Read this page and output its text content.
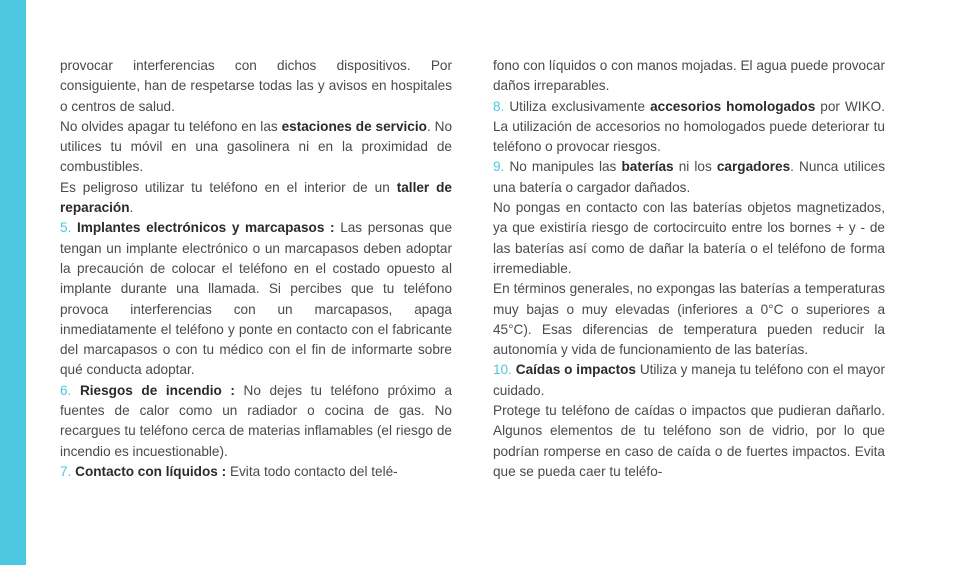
provocar interferencias con dichos dispositivos. Por consiguiente, han de respetarse todas las y avisos en hospitales o centros de salud.

No olvides apagar tu teléfono en las estaciones de servicio. No utilices tu móvil en una gasolinera ni en la proximidad de combustibles.

Es peligroso utilizar tu teléfono en el interior de un taller de reparación.

5. Implantes electrónicos y marcapasos : Las personas que tengan un implante electrónico o un marcapasos deben adoptar la precaución de colocar el teléfono en el costado opuesto al implante durante una llamada. Si percibes que tu teléfono provoca interferencias con un marcapasos, apaga inmediatamente el teléfono y ponte en contacto con el fabricante del marcapasos o con tu médico con el fin de informarte sobre qué conducta adoptar.

6. Riesgos de incendio : No dejes tu teléfono próximo a fuentes de calor como un radiador o cocina de gas. No recargues tu teléfono cerca de materias inflamables (el riesgo de incendio es incuestionable).

7. Contacto con líquidos : Evita todo contacto del telé-

fono con líquidos o con manos mojadas. El agua puede provocar daños irreparables.

8. Utiliza exclusivamente accesorios homologados por WIKO. La utilización de accesorios no homologados puede deteriorar tu teléfono o provocar riesgos.

9. No manipules las baterías ni los cargadores. Nunca utilices una batería o cargador dañados.

No pongas en contacto con las baterías objetos magnetizados, ya que existiría riesgo de cortocircuito entre los bornes + y - de las baterías así como de dañar la batería o el teléfono de forma irremediable.

En términos generales, no expongas las baterías a temperaturas muy bajas o muy elevadas (inferiores a 0°C o superiores a 45°C). Esas diferencias de temperatura pueden reducir la autonomía y vida de funcionamiento de las baterías.

10. Caídas o impactos Utiliza y maneja tu teléfono con el mayor cuidado.

Protege tu teléfono de caídas o impactos que pudieran dañarlo. Algunos elementos de tu teléfono son de vidrio, por lo que podrían romperse en caso de caída o de fuertes impactos. Evita que se pueda caer tu teléfo-
